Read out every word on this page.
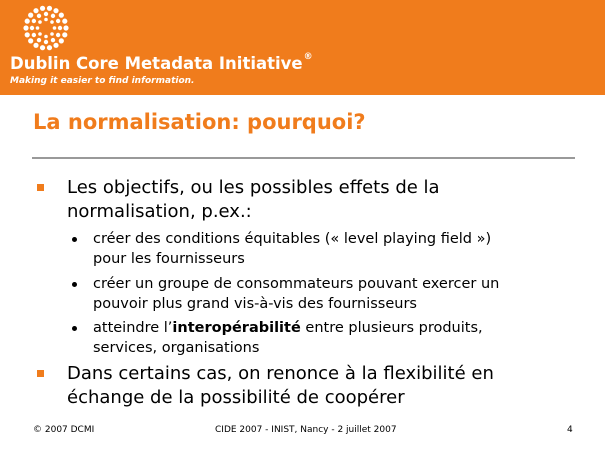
Dublin Core Metadata Initiative®
Making it easier to find information.
La normalisation: pourquoi?
Les objectifs, ou les possibles effets de la
normalisation, p.ex.:
créer des conditions équitables (« level playing field »)
pour les fournisseurs
créer un groupe de consommateurs pouvant exercer un
pouvoir plus grand vis-à-vis des fournisseurs
atteindre l’interopérabilité entre plusieurs produits,
services, organisations
Dans certains cas, on renonce à la flexibilité en
échange de la possibilité de coopérer
© 2007 DCMI	CIDE 2007 - INIST, Nancy - 2 juillet 2007	4
